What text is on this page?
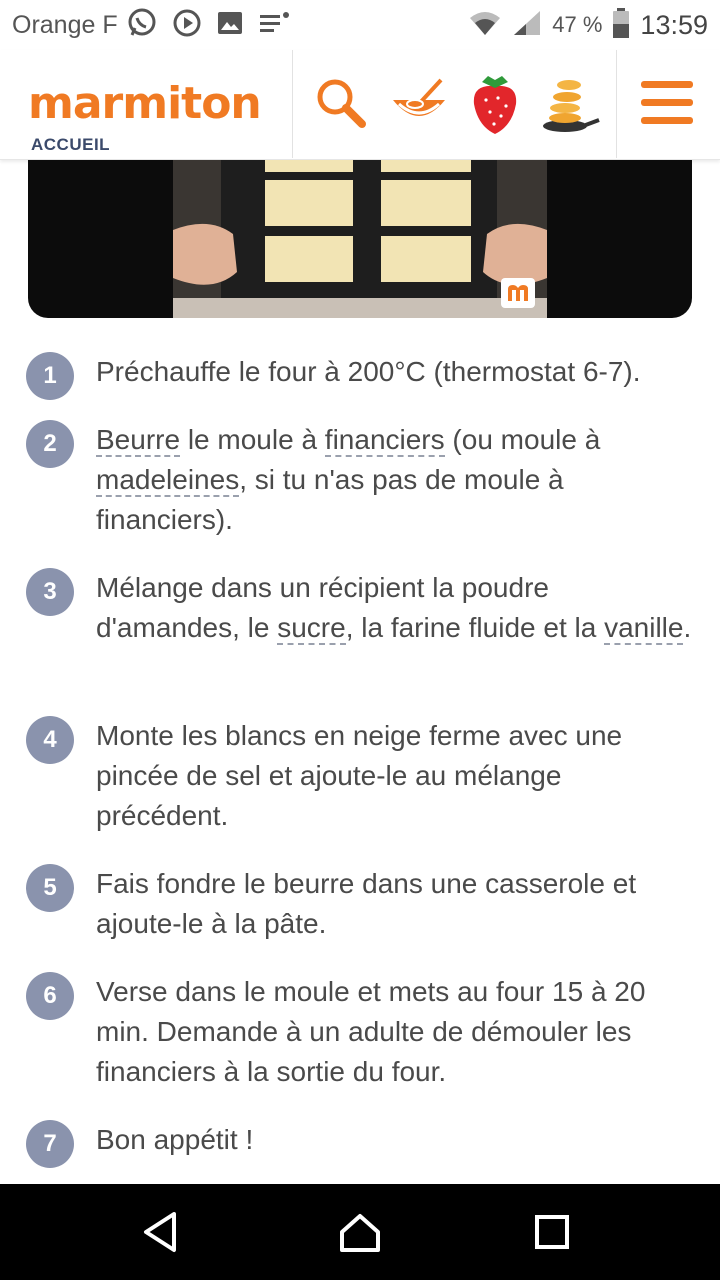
Orange F	47 % 13:59
marmiton
ACCUEIL
1	Préchauffe le four à 200°C (thermostat 6-7).
2	Beurre le moule à financiers (ou moule à madeleines, si tu n'as pas de moule à financiers).
3	Mélange dans un récipient la poudre d'amandes, le sucre, la farine fluide et la vanille.
4	Monte les blancs en neige ferme avec une pincée de sel et ajoute-le au mélange précédent.
5	Fais fondre le beurre dans une casserole et ajoute-le à la pâte.
6	Verse dans le moule et mets au four 15 à 20 min. Demande à un adulte de démouler les financiers à la sortie du four.
7	Bon appétit !
